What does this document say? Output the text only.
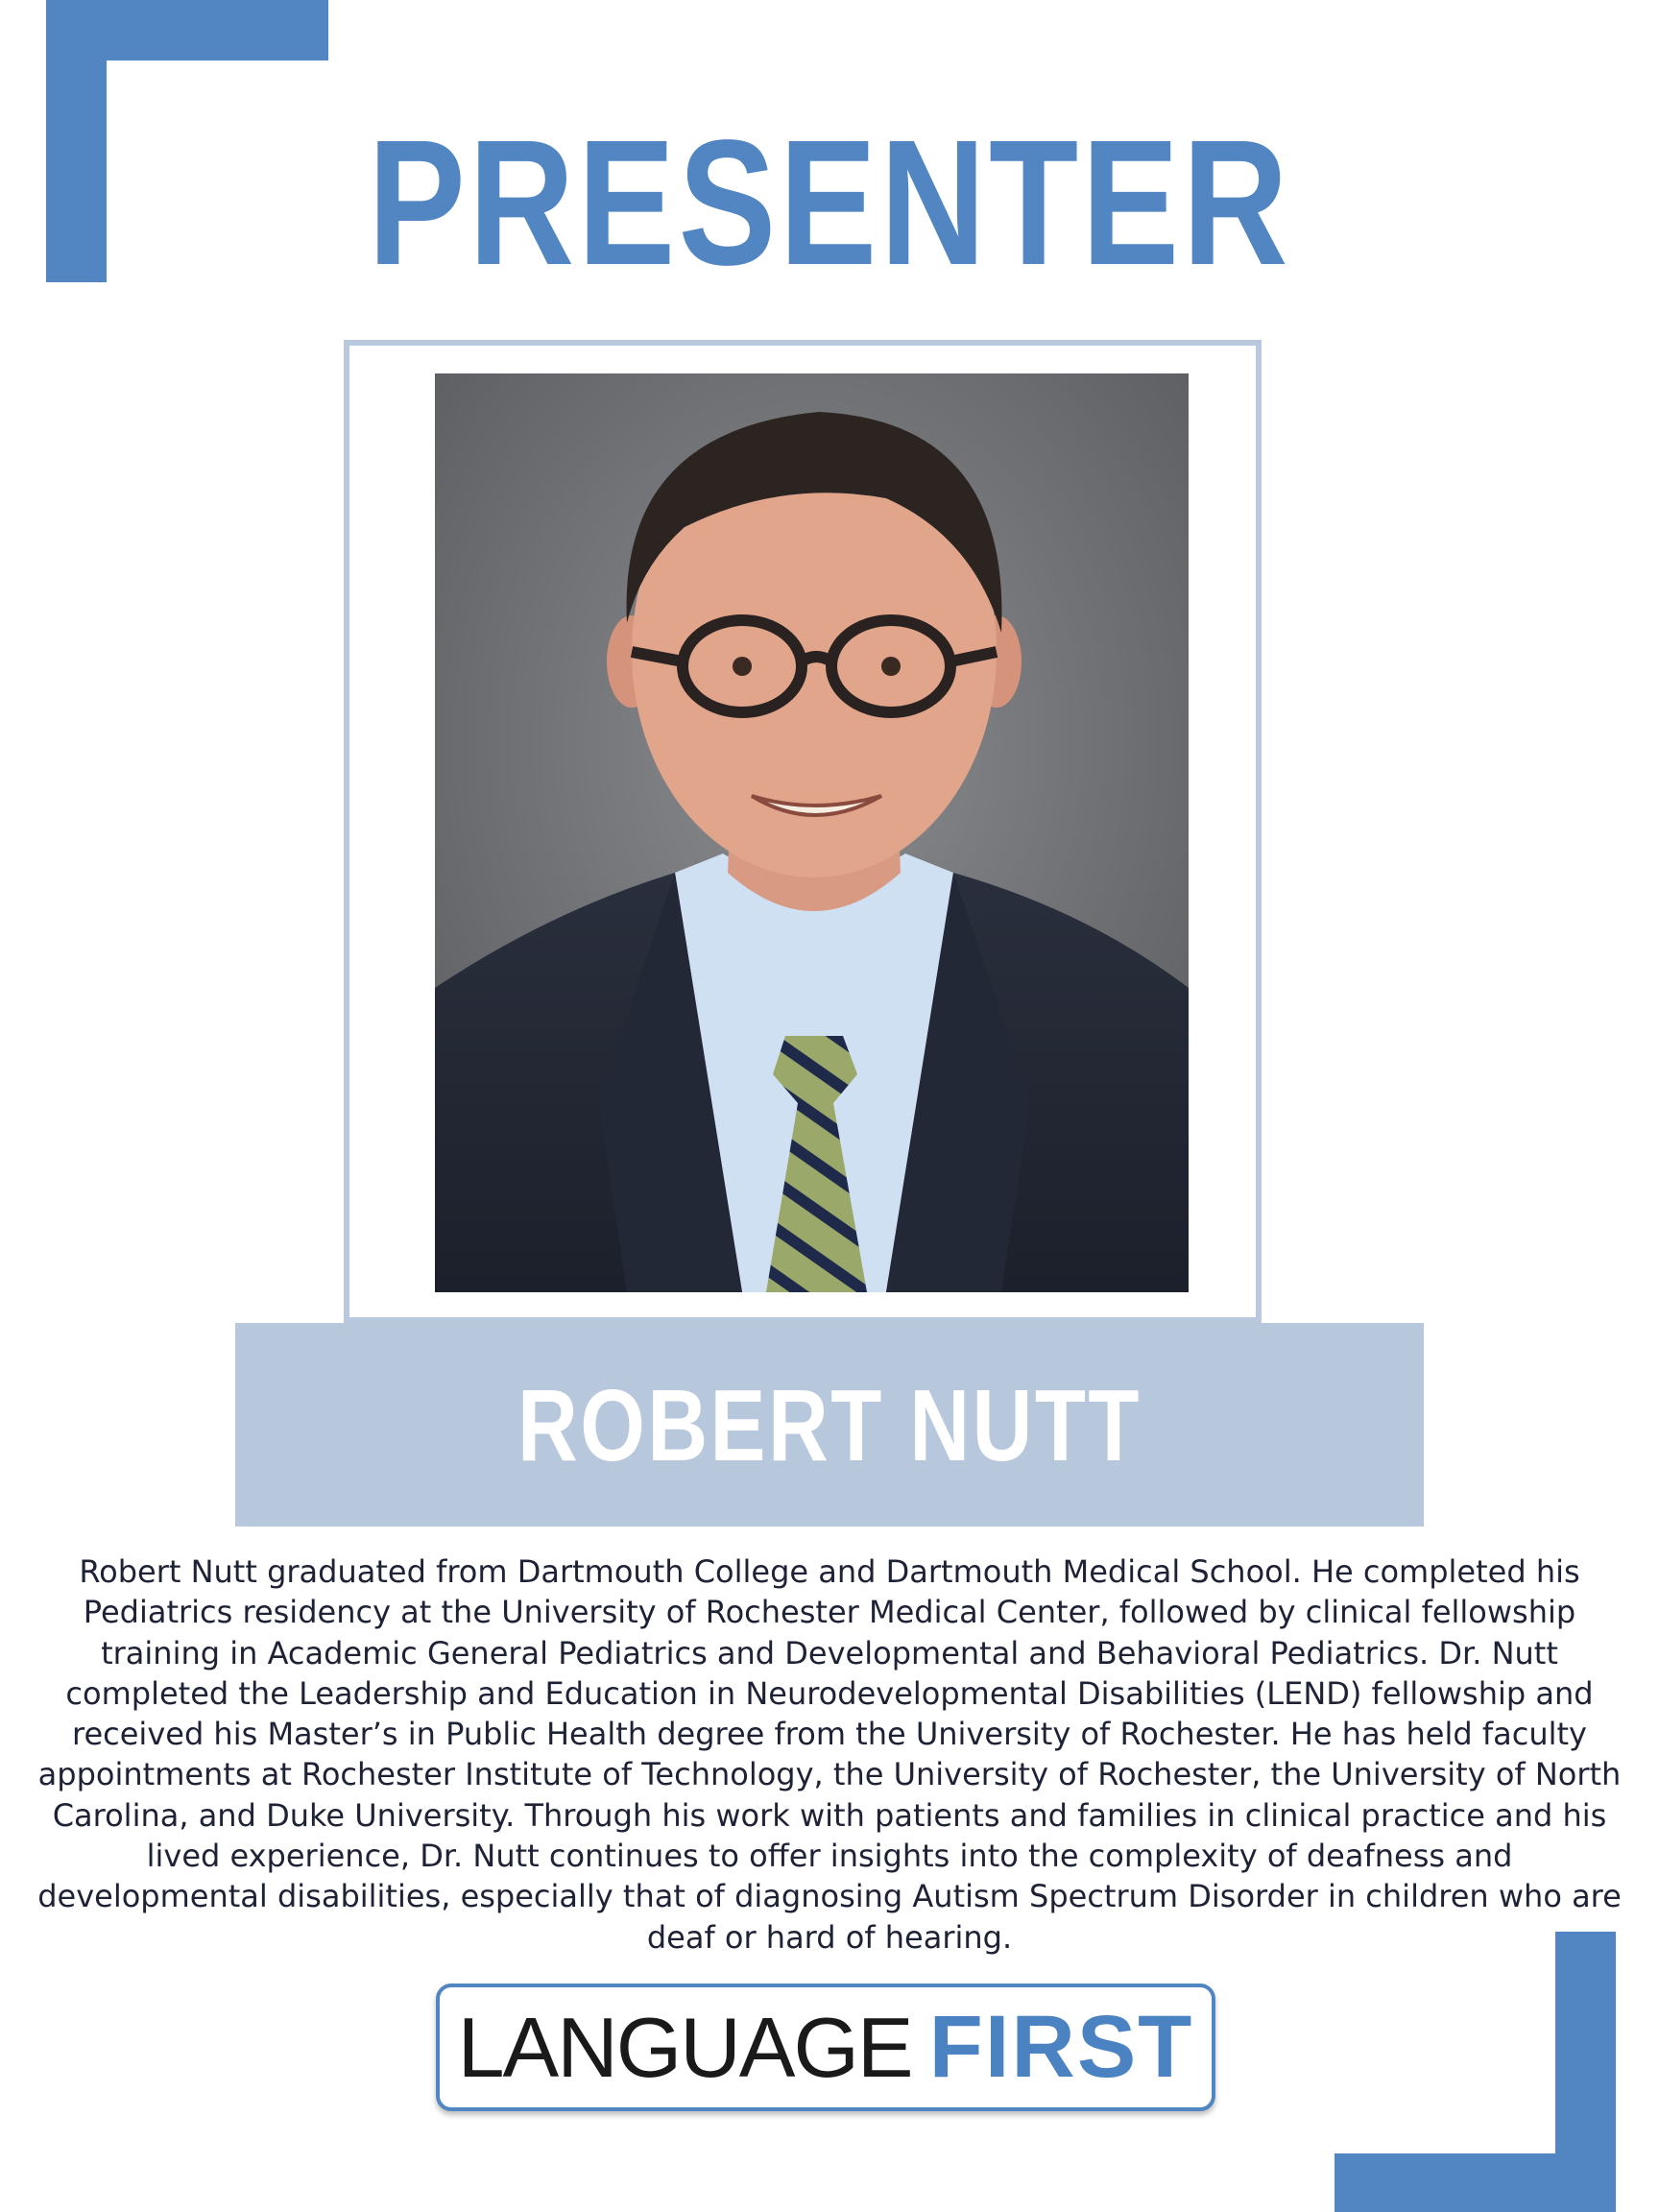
PRESENTER
ROBERT NUTT
Robert Nutt graduated from Dartmouth College and Dartmouth Medical School. He completed his Pediatrics residency at the University of Rochester Medical Center, followed by clinical fellowship training in Academic General Pediatrics and Developmental and Behavioral Pediatrics. Dr. Nutt completed the Leadership and Education in Neurodevelopmental Disabilities (LEND) fellowship and received his Master’s in Public Health degree from the University of Rochester. He has held faculty appointments at Rochester Institute of Technology, the University of Rochester, the University of North Carolina, and Duke University. Through his work with patients and families in clinical practice and his lived experience, Dr. Nutt continues to offer insights into the complexity of deafness and developmental disabilities, especially that of diagnosing Autism Spectrum Disorder in children who are deaf or hard of hearing.
LANGUAGE FIRST
